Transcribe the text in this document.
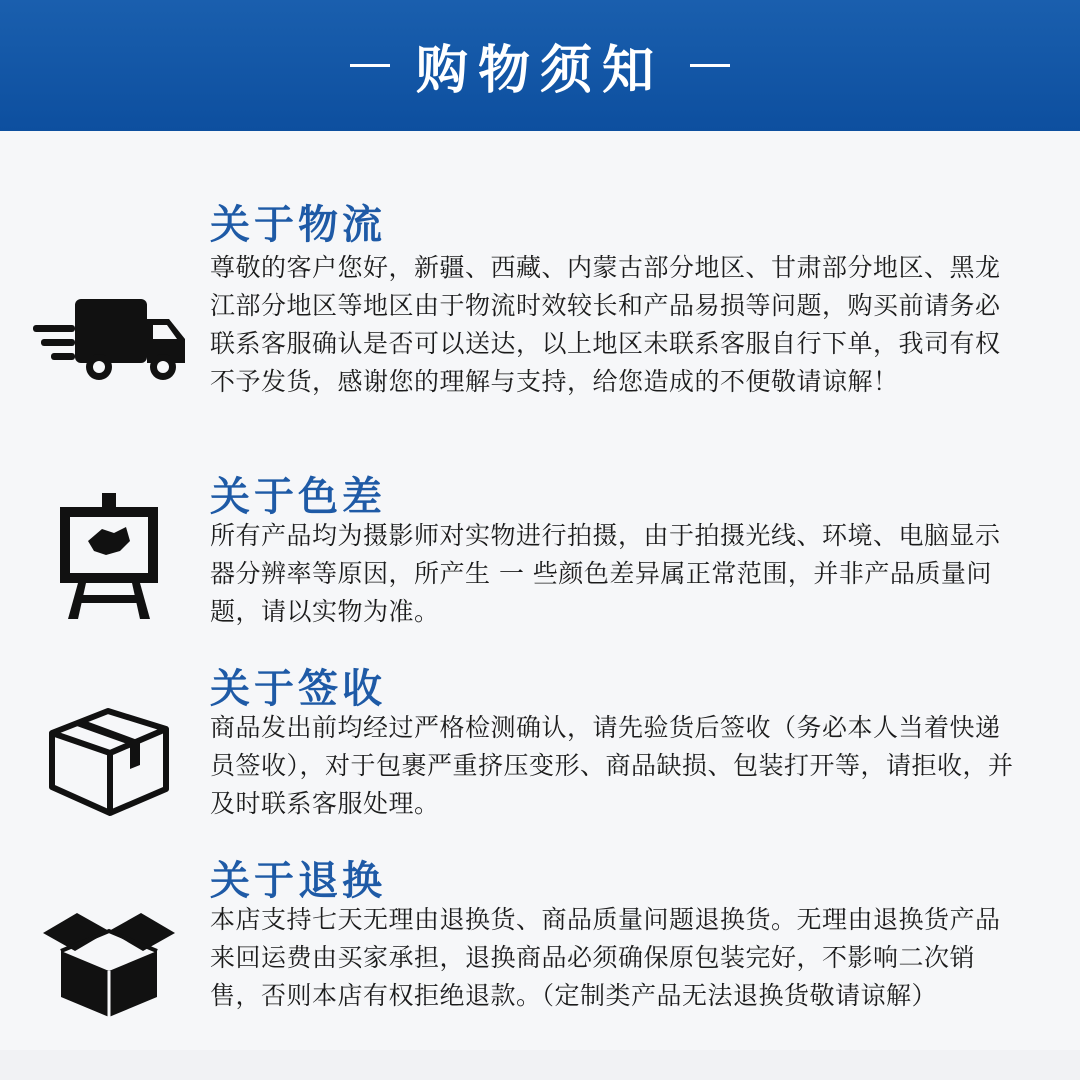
购物须知
关于物流

尊敬的客户您好，新疆、西藏、内蒙古部分地区、甘肃部分地区、黑龙江部分地区等地区由于物流时效较长和产品易损等问题，购买前请务必联系客服确认是否可以送达，以上地区未联系客服自行下单，我司有权不予发货，感谢您的理解与支持，给您造成的不便敬请谅解！

关于色差

所有产品均为摄影师对实物进行拍摄，由于拍摄光线、环境、电脑显示器分辨率等原因，所产生 一 些颜色差异属正常范围，并非产品质量问题，请以实物为准。

关于签收

商品发出前均经过严格检测确认，请先验货后签收（务必本人当着快递员签收），对于包裹严重挤压变形、商品缺损、包装打开等，请拒收，并及时联系客服处理。

关于退换

本店支持七天无理由退换货、商品质量问题退换货。无理由退换货产品来回运费由买家承担，退换商品必须确保原包装完好，不影响二次销售，否则本店有权拒绝退款。（定制类产品无法退换货敬请谅解）
